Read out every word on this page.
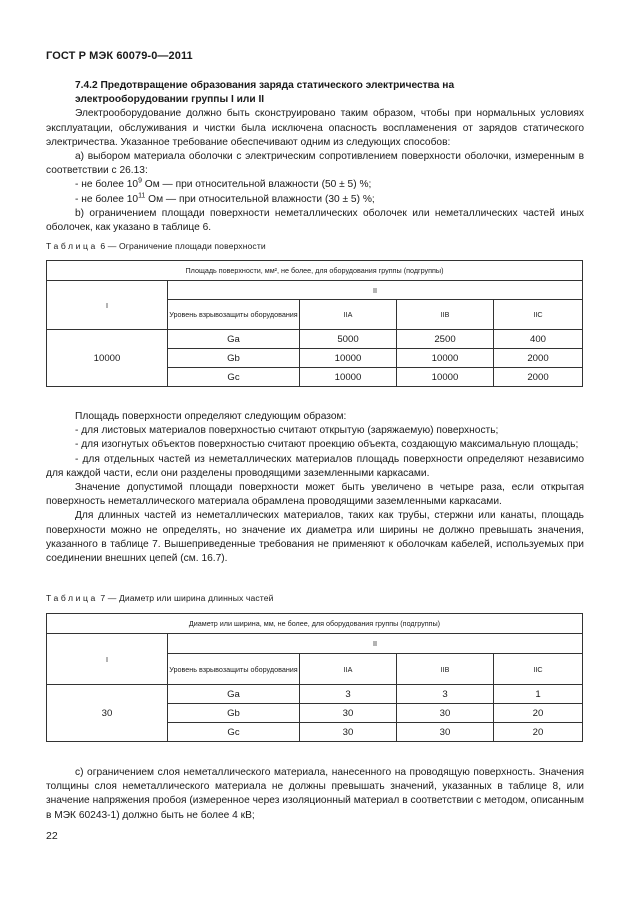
ГОСТ Р МЭК 60079-0—2011

7.4.2 Предотвращение образования заряда статического электричества на

электрооборудовании группы I или II

Электрооборудование должно быть сконструировано таким образом, чтобы при нормальных условиях эксплуатации, обслуживания и чистки была исключена опасность воспламенения от зарядов статического электричества. Указанное требование обеспечивают одним из следующих способов:

а) выбором материала оболочки с электрическим сопротивлением поверхности оболочки, измеренным в соответствии с 26.13:

- не более $10^9$ Ом — при относительной влажности (50 ± 5) %;

- не более $10^{11}$ Ом — при относительной влажности (30 ± 5) %;

b) ограничением площади поверхности неметаллических оболочек или неметаллических частей иных оболочек, как указано в таблице 6.

Таблица 6 — Ограничение площади поверхности
Площадь поверхности, мм², не более, для оборудования группы (подгруппы)				
I	II			
	Уровень взрывозащиты оборудования	IIA	IIB	IIC
10000	Ga	5000	2500	400
	Gb	10000	10000	2000
	Gc	10000	10000	2000

Площадь поверхности определяют следующим образом:

- для листовых материалов поверхностью считают открытую (заряжаемую) поверхность;

- для изогнутых объектов поверхностью считают проекцию объекта, создающую максимальную площадь;

- для отдельных частей из неметаллических материалов площадь поверхности определяют независимо для каждой части, если они разделены проводящими заземленными каркасами.

Значение допустимой площади поверхности может быть увеличено в четыре раза, если открытая поверхность неметаллического материала обрамлена проводящими заземленными каркасами.

Для длинных частей из неметаллических материалов, таких как трубы, стержни или канаты, площадь поверхности можно не определять, но значение их диаметра или ширины не должно превышать значения, указанного в таблице 7. Вышеприведенные требования не применяют к оболочкам кабелей, используемых при соединении внешних цепей (см. 16.7).

Таблица 7 — Диаметр или ширина длинных частей
Диаметр или ширина, мм, не более, для оборудования группы (подгруппы)				
I	II			
	Уровень взрывозащиты оборудования	IIA	IIB	IIC
30	Ga	3	3	1
	Gb	30	30	20
	Gc	30	30	20

с) ограничением слоя неметаллического материала, нанесенного на проводящую поверхность. Значения толщины слоя неметаллического материала не должны превышать значений, указанных в таблице 8, или значение напряжения пробоя (измеренное через изоляционный материал в соответствии с методом, описанным в МЭК 60243-1) должно быть не более 4 кВ;

22
